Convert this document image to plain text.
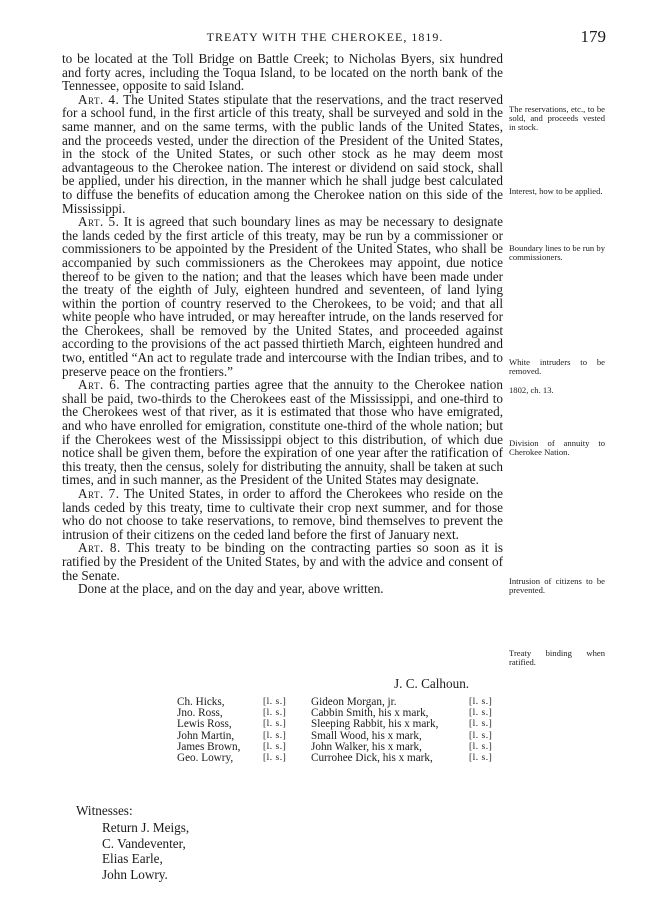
TREATY WITH THE CHEROKEE, 1819.	179

to be located at the Toll Bridge on Battle Creek; to Nicholas Byers, six hundred and forty acres, including the Toqua Island, to be located on the north bank of the Tennessee, opposite to said Island.

Art. 4. The United States stipulate that the reservations, and the tract reserved for a school fund, in the first article of this treaty, shall be surveyed and sold in the same manner, and on the same terms, with the public lands of the United States, and the proceeds vested, under the direction of the President of the United States, in the stock of the United States, or such other stock as he may deem most advantageous to the Cherokee nation. The interest or dividend on said stock, shall be applied, under his direction, in the manner which he shall judge best calculated to diffuse the benefits of education among the Cherokee nation on this side of the Mississippi.

Art. 5. It is agreed that such boundary lines as may be necessary to designate the lands ceded by the first article of this treaty, may be run by a commissioner or commissioners to be appointed by the President of the United States, who shall be accompanied by such commissioners as the Cherokees may appoint, due notice thereof to be given to the nation; and that the leases which have been made under the treaty of the eighth of July, eighteen hundred and seventeen, of land lying within the portion of country reserved to the Cherokees, to be void; and that all white people who have intruded, or may hereafter intrude, on the lands reserved for the Cherokees, shall be removed by the United States, and proceeded against according to the provisions of the act passed thirtieth March, eighteen hundred and two, entitled “An act to regulate trade and intercourse with the Indian tribes, and to preserve peace on the frontiers.”

Art. 6. The contracting parties agree that the annuity to the Cherokee nation shall be paid, two-thirds to the Cherokees east of the Mississippi, and one-third to the Cherokees west of that river, as it is estimated that those who have emigrated, and who have enrolled for emigration, constitute one-third of the whole nation; but if the Cherokees west of the Mississippi object to this distribution, of which due notice shall be given them, before the expiration of one year after the ratification of this treaty, then the census, solely for distributing the annuity, shall be taken at such times, and in such manner, as the President of the United States may designate.

Art. 7. The United States, in order to afford the Cherokees who reside on the lands ceded by this treaty, time to cultivate their crop next summer, and for those who do not choose to take reservations, to remove, bind themselves to prevent the intrusion of their citizens on the ceded land before the first of January next.

Art. 8. This treaty to be binding on the contracting parties so soon as it is ratified by the President of the United States, by and with the advice and consent of the Senate.

Done at the place, and on the day and year, above written.

The reservations, etc., to be sold, and proceeds vested in stock.
Interest, how to be applied.
Boundary lines to be run by commissioners.
White intruders to be removed.
1802, ch. 13.
Division of annuity to Cherokee Nation.
Intrusion of citizens to be prevented.
Treaty binding when ratified.
J. C. Calhoun.
Ch. Hicks,	[l. s.]	Gideon Morgan, jr.	[l. s.]
Jno. Ross,	[l. s.]	Cabbin Smith, his x mark,	[l. s.]
Lewis Ross,	[l. s.]	Sleeping Rabbit, his x mark,	[l. s.]
John Martin,	[l. s.]	Small Wood, his x mark,	[l. s.]
James Brown,	[l. s.]	John Walker, his x mark,	[l. s.]
Geo. Lowry,	[l. s.]	Currohee Dick, his x mark,	[l. s.]
Witnesses:
Return J. Meigs,
C. Vandeventer,
Elias Earle,
John Lowry.
